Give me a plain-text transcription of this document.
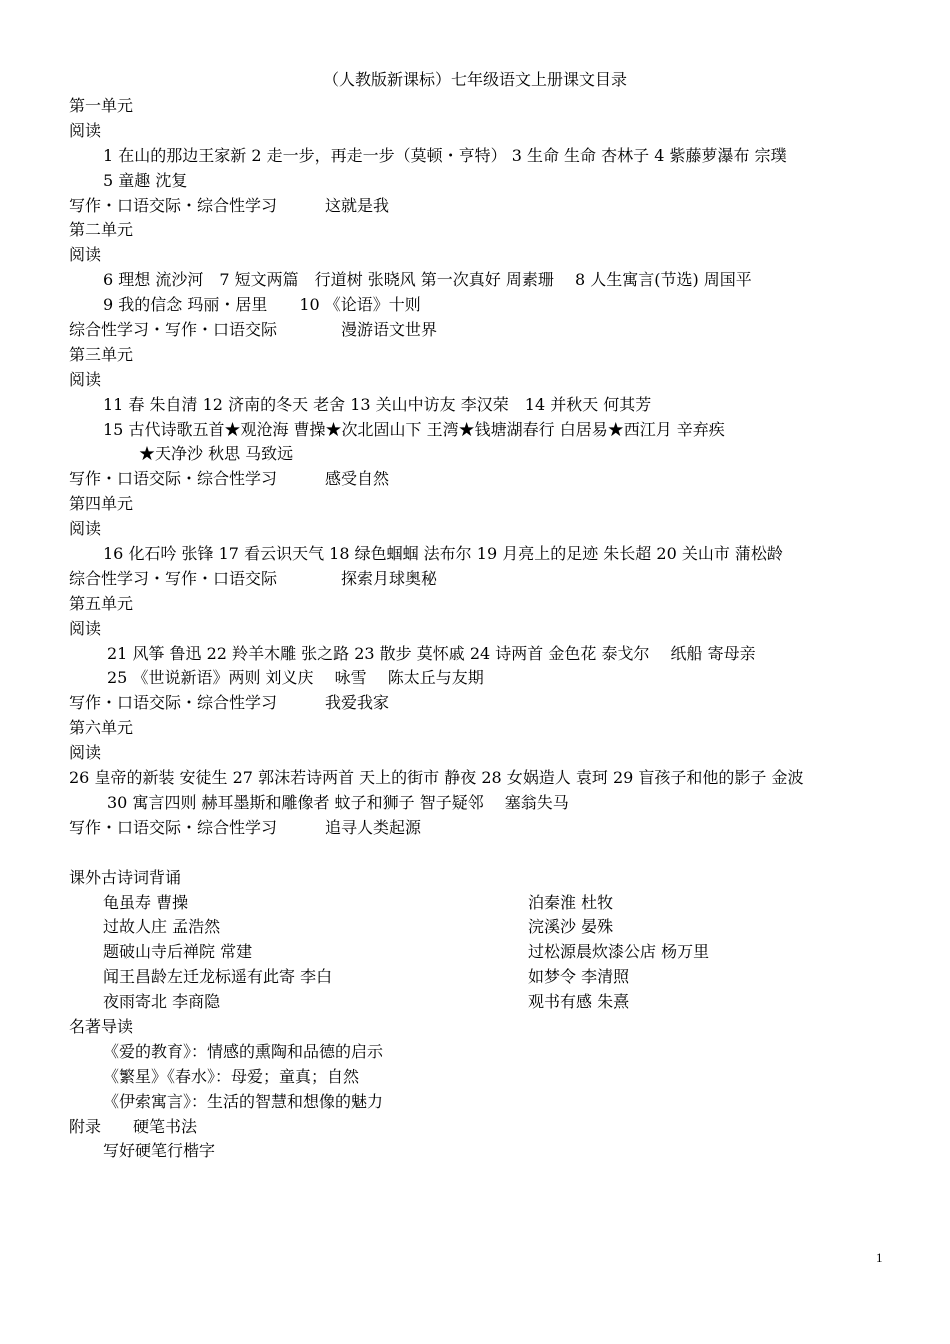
（人教版新课标）七年级语文上册课文目录
第一单元
阅读
1 在山的那边王家新 2 走一步，再走一步（莫顿・亨特） 3 生命 生命 杏林子 4 紫藤萝瀑布 宗璞
5 童趣 沈复
写作・口语交际・综合性学习　　　这就是我
第二单元
阅读
6 理想 流沙河　7 短文两篇　行道树 张晓风 第一次真好 周素珊　 8 人生寓言(节选) 周国平
9 我的信念 玛丽・居里　　10 《论语》十则
综合性学习・写作・口语交际　　　　漫游语文世界
第三单元
阅读
11 春 朱自清 12 济南的冬天 老舍 13 关山中访友 李汉荣　14 并秋天 何其芳
15 古代诗歌五首★观沧海 曹操★次北固山下 王湾★钱塘湖春行 白居易★西江月 辛弃疾
★天净沙 秋思 马致远
写作・口语交际・综合性学习　　　感受自然
第四单元
阅读
16 化石吟 张锋 17 看云识天气 18 绿色蝈蝈 法布尔 19 月亮上的足迹 朱长超 20 关山市 蒲松龄
综合性学习・写作・口语交际　　　　探索月球奥秘
第五单元
阅读
21 风筝 鲁迅 22 羚羊木雕 张之路 23 散步 莫怀戚 24 诗两首 金色花 泰戈尔　 纸船 寄母亲
25 《世说新语》两则 刘义庆　 咏雪　 陈太丘与友期
写作・口语交际・综合性学习　　　我爱我家
第六单元
阅读
26 皇帝的新装 安徒生 27 郭沫若诗两首 天上的街市 静夜 28 女娲造人 袁珂 29 盲孩子和他的影子 金波
30 寓言四则 赫耳墨斯和雕像者 蚊子和狮子 智子疑邻　 塞翁失马
写作・口语交际・综合性学习　　　追寻人类起源
课外古诗词背诵
龟虽寿 曹操	泊秦淮 杜牧
过故人庄 孟浩然	浣溪沙 晏殊
题破山寺后禅院 常建	过松源晨炊漆公店 杨万里
闻王昌龄左迁龙标遥有此寄 李白	如梦令 李清照
夜雨寄北 李商隐	观书有感 朱熹
名著导读
《爱的教育》：情感的熏陶和品德的启示
《繁星》《春水》：母爱；童真；自然
《伊索寓言》：生活的智慧和想像的魅力
附录　　硬笔书法
写好硬笔行楷字
1
